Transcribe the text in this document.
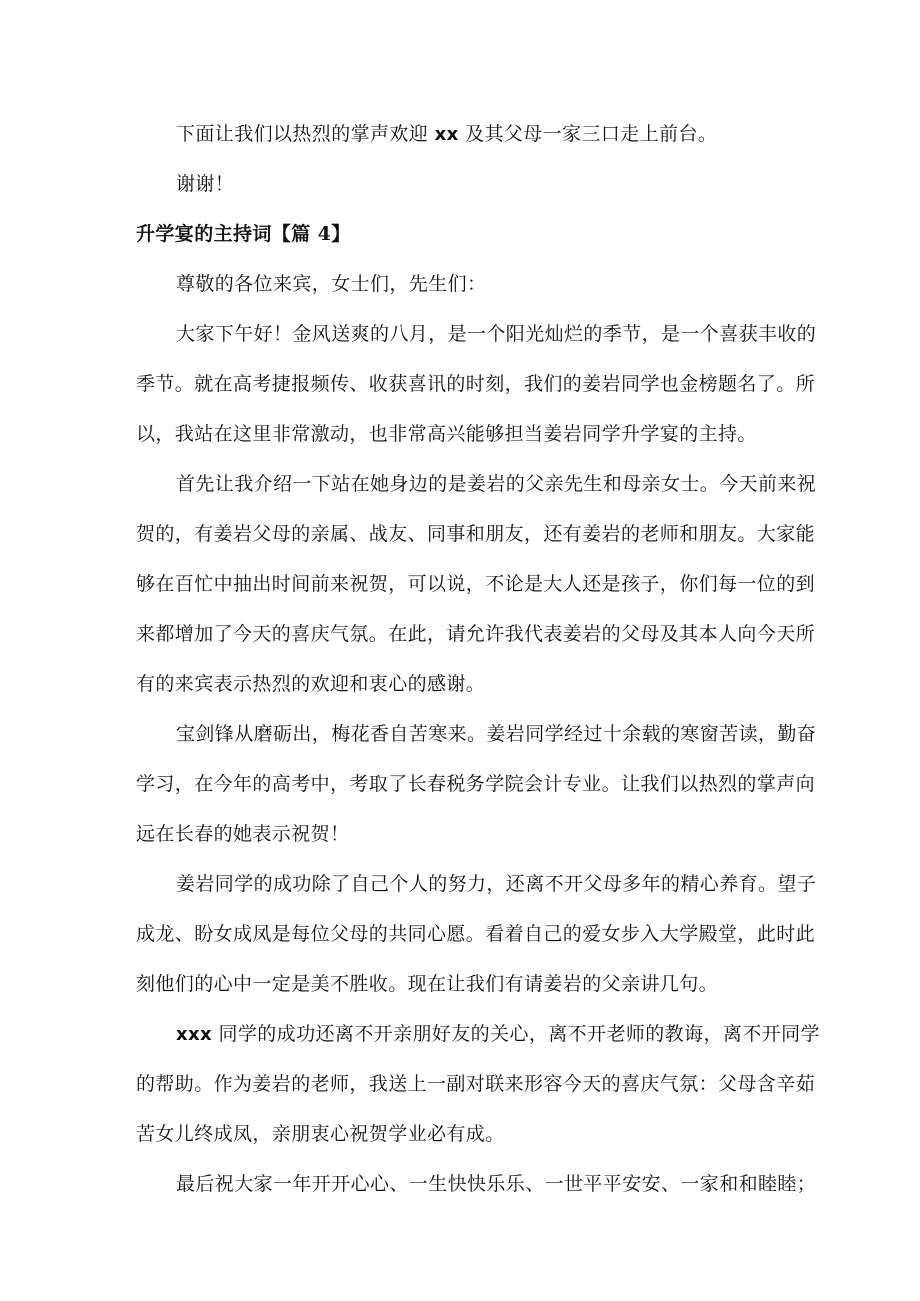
下面让我们以热烈的掌声欢迎 xx 及其父母一家三口走上前台。
谢谢！
升学宴的主持词【篇 4】
尊敬的各位来宾，女士们，先生们：
大家下午好！金风送爽的八月，是一个阳光灿烂的季节，是一个喜获丰收的
季节。就在高考捷报频传、收获喜讯的时刻，我们的姜岩同学也金榜题名了。所
以，我站在这里非常激动，也非常高兴能够担当姜岩同学升学宴的主持。
首先让我介绍一下站在她身边的是姜岩的父亲先生和母亲女士。今天前来祝
贺的，有姜岩父母的亲属、战友、同事和朋友，还有姜岩的老师和朋友。大家能
够在百忙中抽出时间前来祝贺，可以说，不论是大人还是孩子，你们每一位的到
来都增加了今天的喜庆气氛。在此，请允许我代表姜岩的父母及其本人向今天所
有的来宾表示热烈的欢迎和衷心的感谢。
宝剑锋从磨砺出，梅花香自苦寒来。姜岩同学经过十余载的寒窗苦读，勤奋
学习，在今年的高考中，考取了长春税务学院会计专业。让我们以热烈的掌声向
远在长春的她表示祝贺！
姜岩同学的成功除了自己个人的努力，还离不开父母多年的精心养育。望子
成龙、盼女成凤是每位父母的共同心愿。看着自己的爱女步入大学殿堂，此时此
刻他们的心中一定是美不胜收。现在让我们有请姜岩的父亲讲几句。
xxx 同学的成功还离不开亲朋好友的关心，离不开老师的教诲，离不开同学
的帮助。作为姜岩的老师，我送上一副对联来形容今天的喜庆气氛：父母含辛茹
苦女儿终成凤，亲朋衷心祝贺学业必有成。
最后祝大家一年开开心心、一生快快乐乐、一世平平安安、一家和和睦睦；
